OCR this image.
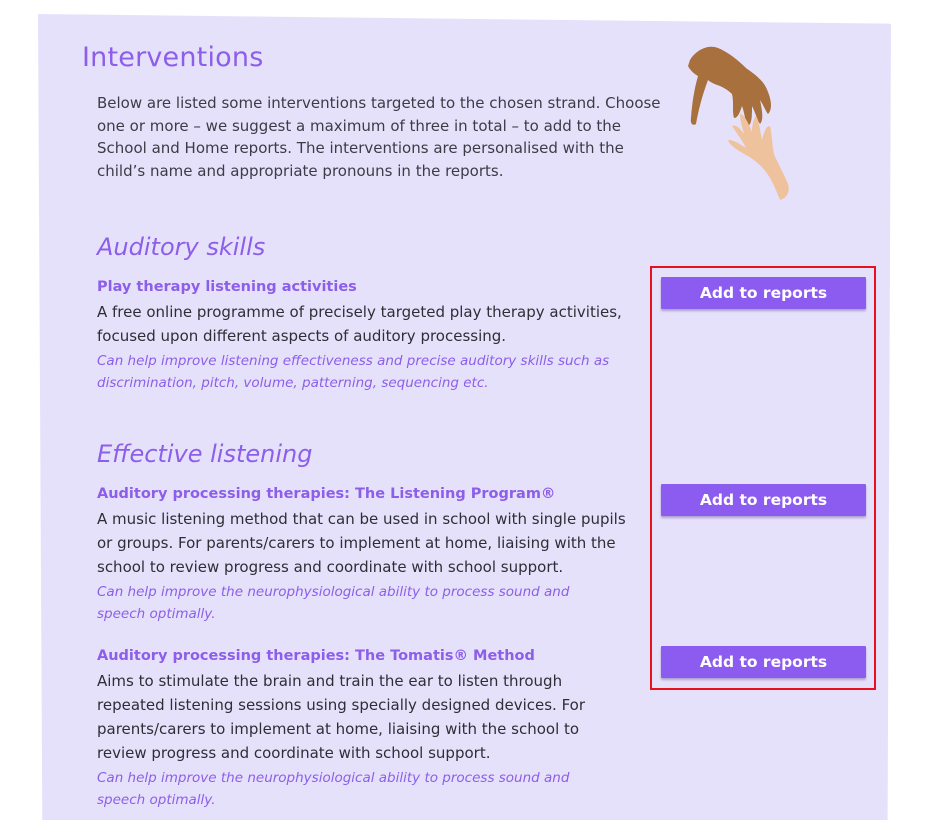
Interventions

Below are listed some interventions targeted to the chosen strand. Choose one or more – we suggest a maximum of three in total – to add to the School and Home reports. The interventions are personalised with the child’s name and appropriate pronouns in the reports.

Auditory skills
Play therapy listening activities

A free online programme of precisely targeted play therapy activities, focused upon different aspects of auditory processing.

Can help improve listening effectiveness and precise auditory skills such as discrimination, pitch, volume, patterning, sequencing etc.

Add to reports
Effective listening
Auditory processing therapies: The Listening Program®

A music listening method that can be used in school with single pupils or groups. For parents/carers to implement at home, liaising with the school to review progress and coordinate with school support.

Can help improve the neurophysiological ability to process sound and speech optimally.

Add to reports
Auditory processing therapies: The Tomatis® Method

Aims to stimulate the brain and train the ear to listen through repeated listening sessions using specially designed devices. For parents/carers to implement at home, liaising with the school to review progress and coordinate with school support.

Can help improve the neurophysiological ability to process sound and speech optimally.

Add to reports
